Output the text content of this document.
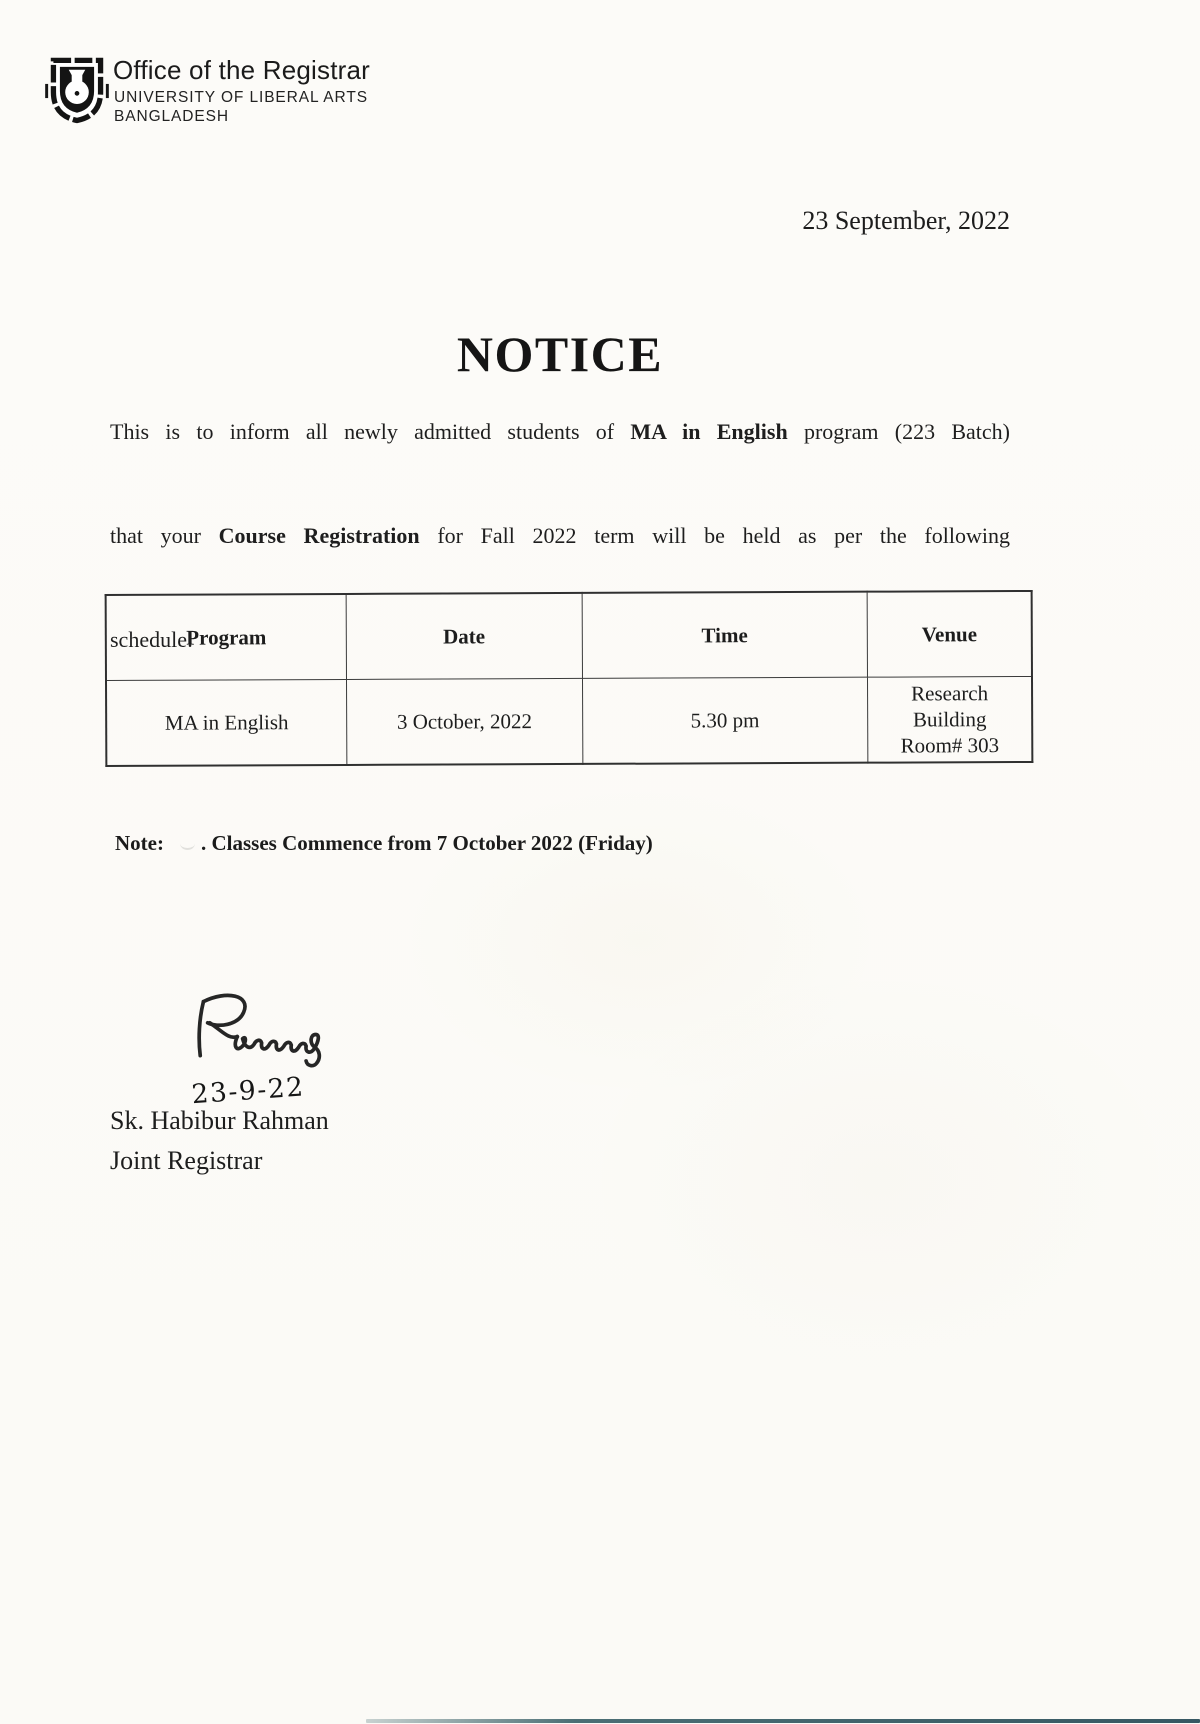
Office of the Registrar
UNIVERSITY OF LIBERAL ARTS
BANGLADESH
23 September, 2022
NOTICE
This is to inform all newly admitted students of MA in English program (223 Batch)
that your Course Registration for Fall 2022 term will be held as per the following
schedule:
Program	Date	Time	Venue
MA in English	3 October, 2022	5.30 pm	Research Building
Room# 303
Note: . Classes Commence from 7 October 2022 (Friday)
23-9-22
Sk. Habibur Rahman
Joint Registrar
